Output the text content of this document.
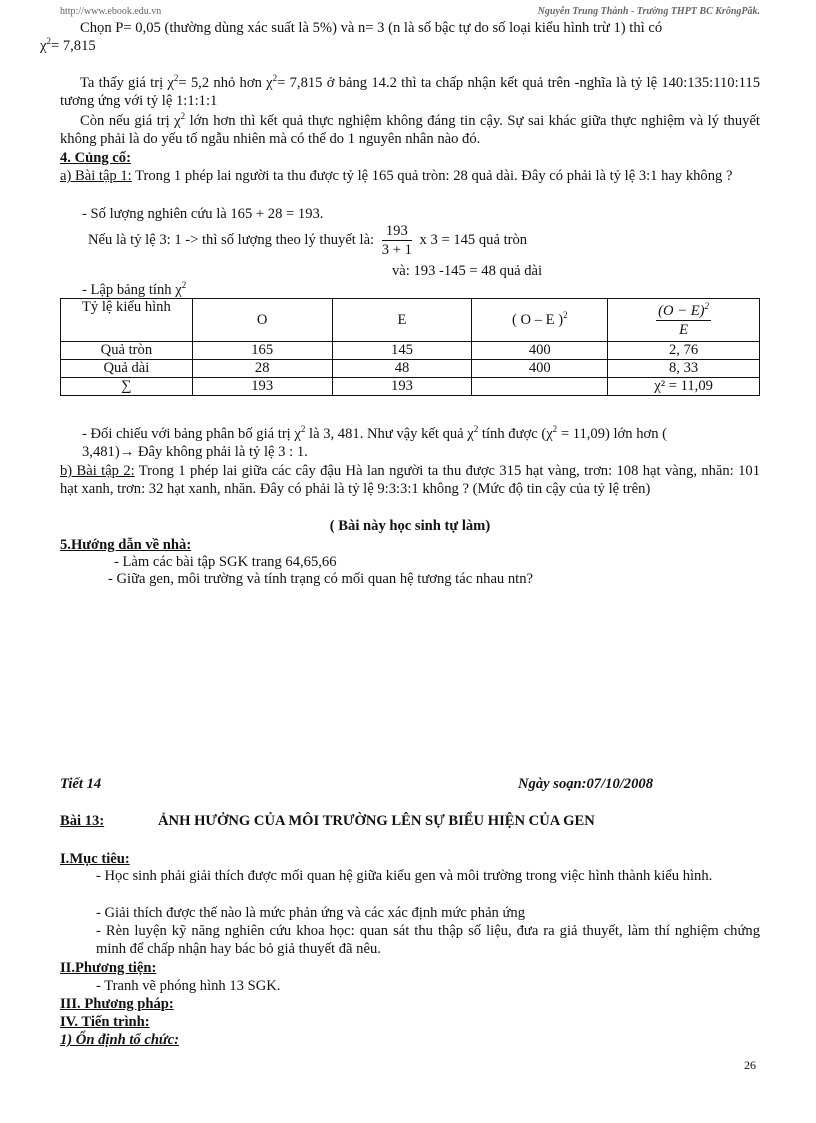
http://www.ebook.edu.vn	Nguyễn Trung Thành - Trường THPT BC KrôngPăk.
Chọn P= 0,05 (thường dùng xác suất là 5%) và n= 3 (n là số bậc tự do số loại kiểu hình trừ 1) thì có
$\chi^2= 7,815$
Ta thấy giá trị $\chi^2= 5,2$ nhỏ hơn $\chi^2= 7,815$ ở bảng 14.2 thì ta chấp nhận kết quả trên -nghĩa là tỷ lệ 140:135:110:115 tương ứng với tỷ lệ 1:1:1:1
Còn nếu giá trị $\chi^2$ lớn hơn thì kết quả thực nghiệm không đáng tin cậy. Sự sai khác giữa thực nghiệm và lý thuyết không phải là do yếu tố ngẫu nhiên mà có thể do 1 nguyên nhân nào đó.
4. Củng cố:
a) Bài tập 1: Trong 1 phép lai người ta thu được tỷ lệ 165 quả tròn: 28 quả dài. Đây có phải là tỷ lệ 3:1 hay không ?
- Số lượng nghiên cứu là 165 + 28 = 193.
Nếu là tỷ lệ 3: 1 -> thì số lượng theo lý thuyết là: $\frac{193}{3 + 1}$ x 3 = 145 quả tròn
và: 193 -145 = 48 quả dài
- Lập bảng tính $\chi^2$
Tỷ lệ kiểu hình	O	E	( O – E )$^2$	$\frac{(O - E)^2}{E}$

Quả tròn	165	145	400	2, 76
Quả dài	28	48	400	8, 33
∑	193	193		χ² = 11,09
- Đối chiếu với bảng phân bố giá trị $\chi^2$ là 3, 481. Như vậy kết quả $\chi^2$ tính được $(\chi^2 = 11,09)$ lớn hơn (
3,481)→ Đây không phải là tỷ lệ 3 : 1.
b) Bài tập 2: Trong 1 phép lai giữa các cây đậu Hà lan người ta thu được 315 hạt vàng, trơn: 108 hạt vàng, nhăn: 101 hạt xanh, trơn: 32 hạt xanh, nhăn. Đây có phải là tỷ lệ 9:3:3:1 không ? (Mức độ tin cậy của tỷ lệ trên)
( Bài này học sinh tự làm)
5.Hướng dẫn về nhà:
- Làm các bài tập SGK trang 64,65,66
- Giữa gen, môi trường và tính trạng có mối quan hệ tương tác nhau ntn?
Tiết 14	Ngày soạn:07/10/2008
Bài 13:	ẢNH HƯỞNG CỦA MÔI TRƯỜNG LÊN SỰ BIỂU HIỆN CỦA GEN
I.Mục tiêu:
- Học sinh phải giải thích được mối quan hệ giữa kiểu gen và môi trường trong việc hình thành kiểu hình.
- Giải thích được thế nào là mức phản ứng và các xác định mức phản ứng
- Rèn luyện kỹ năng nghiên cứu khoa học: quan sát thu thập số liệu, đưa ra giả thuyết, làm thí nghiệm chứng minh để chấp nhận hay bác bỏ giả thuyết đã nêu.
II.Phương tiện:
- Tranh vẽ phóng hình 13 SGK.
III. Phương pháp:
IV. Tiến trình:
1) Ổn định tổ chức:
26
